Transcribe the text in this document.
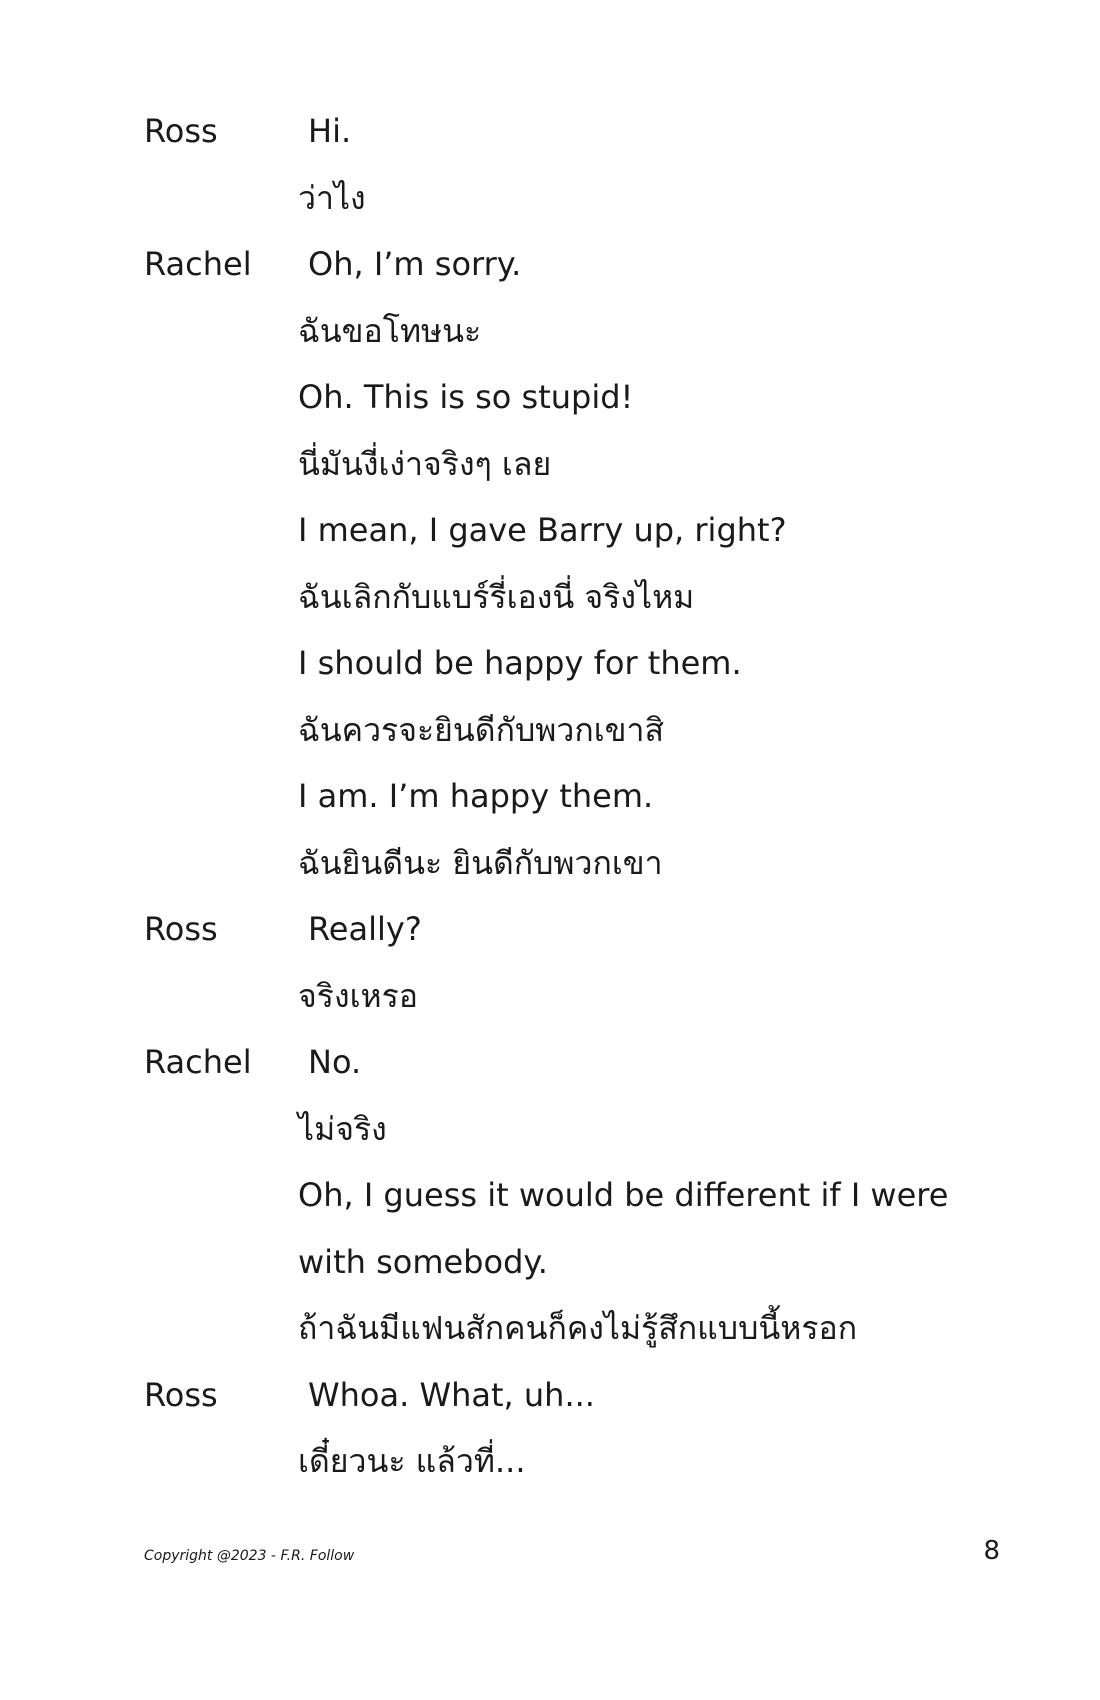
Ross	Hi.
ว่าไง
Rachel	Oh, I’m sorry.
ฉันขอโทษนะ
Oh. This is so stupid!
นี่มันงี่เง่าจริงๆ เลย
I mean, I gave Barry up, right?
ฉันเลิกกับแบร์รี่เองนี่ จริงไหม
I should be happy for them.
ฉันควรจะยินดีกับพวกเขาสิ
I am. I’m happy them.
ฉันยินดีนะ ยินดีกับพวกเขา
Ross	Really?
จริงเหรอ
Rachel	No.
ไม่จริง
Oh, I guess it would be different if I were
with somebody.
ถ้าฉันมีแฟนสักคนก็คงไม่รู้สึกแบบนี้หรอก
Ross	Whoa. What, uh...
เดี๋ยวนะ แล้วที่...
Copyright @2023 - F.R. Follow	8
